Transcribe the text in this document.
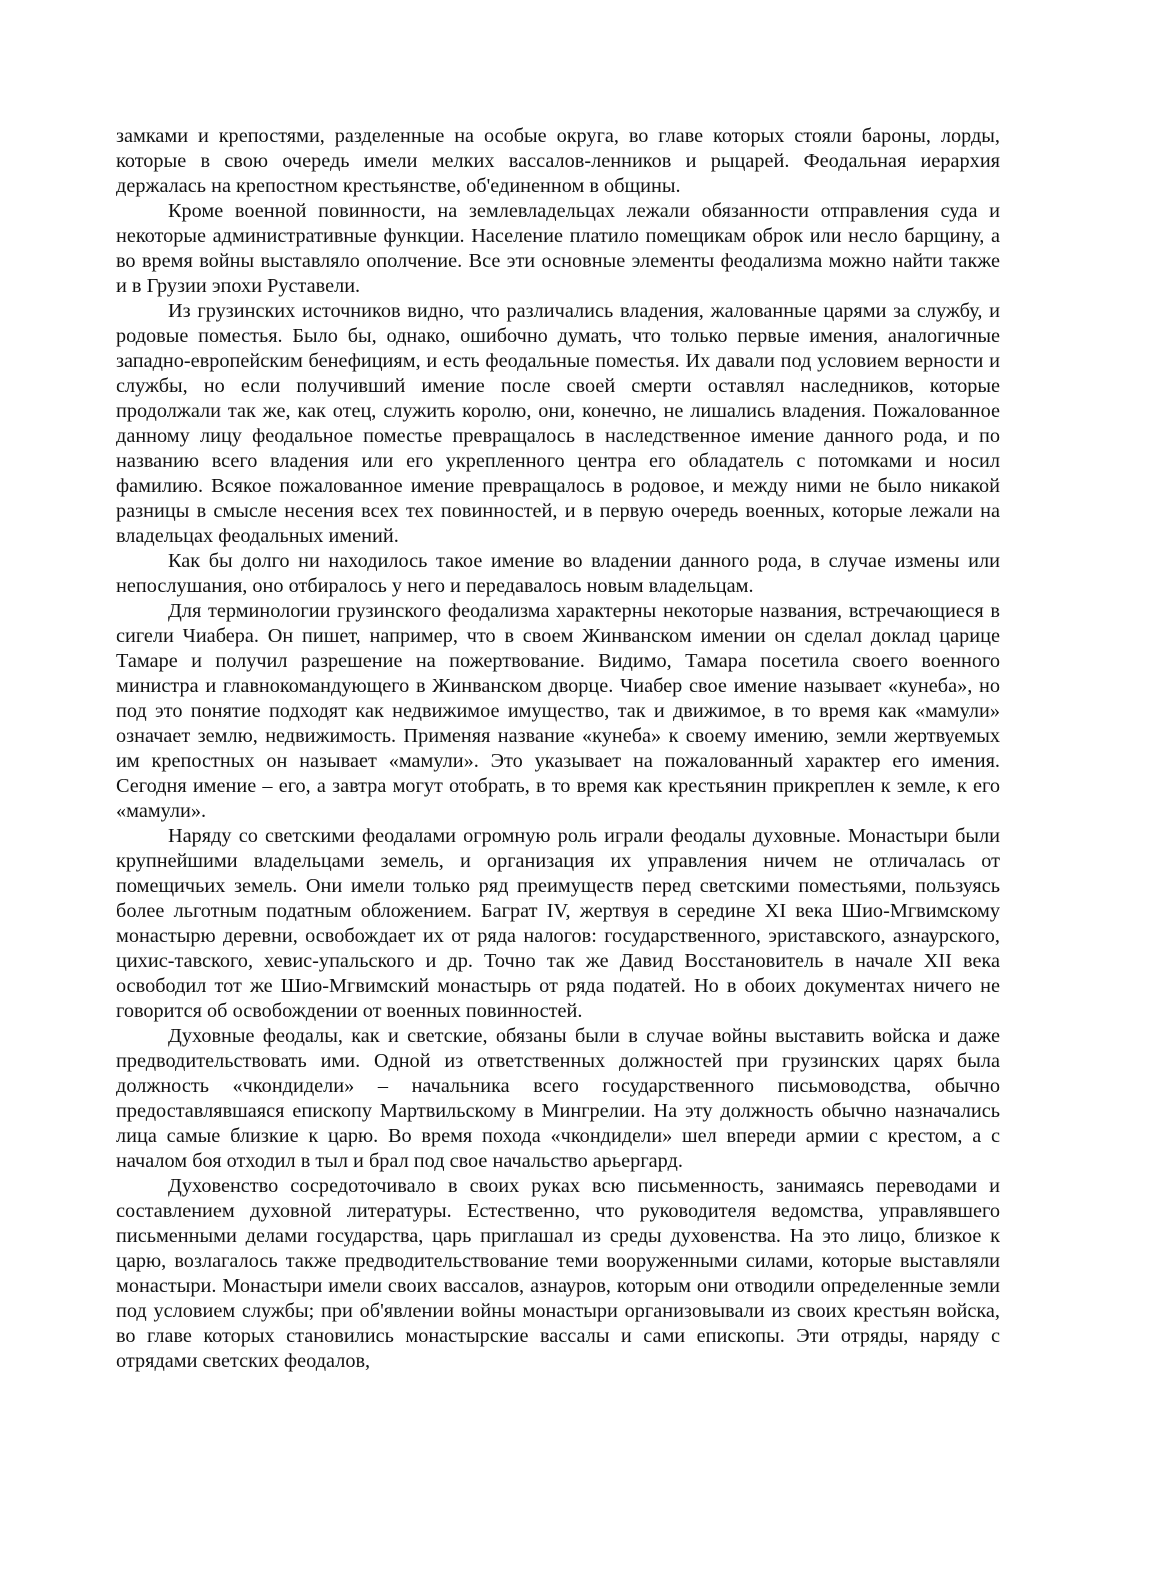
замками и крепостями, разделенные на особые округа, во главе которых стояли бароны, лорды, которые в свою очередь имели мелких вассалов-ленников и рыцарей. Феодальная иерархия держалась на крепостном крестьянстве, об'единенном в общины.

Кроме военной повинности, на землевладельцах лежали обязанности отправления суда и некоторые административные функции. Население платило помещикам оброк или несло барщину, а во время войны выставляло ополчение. Все эти основные элементы феодализма можно найти также и в Грузии эпохи Руставели.

Из грузинских источников видно, что различались владения, жалованные царями за службу, и родовые поместья. Было бы, однако, ошибочно думать, что только первые имения, аналогичные западно-европейским бенефициям, и есть феодальные поместья. Их давали под условием верности и службы, но если получивший имение после своей смерти оставлял наследников, которые продолжали так же, как отец, служить королю, они, конечно, не лишались владения. Пожалованное данному лицу феодальное поместье превращалось в наследственное имение данного рода, и по названию всего владения или его укрепленного центра его обладатель с потомками и носил фамилию. Всякое пожалованное имение превращалось в родовое, и между ними не было никакой разницы в смысле несения всех тех повинностей, и в первую очередь военных, которые лежали на владельцах феодальных имений.

Как бы долго ни находилось такое имение во владении данного рода, в случае измены или непослушания, оно отбиралось у него и передавалось новым владельцам.

Для терминологии грузинского феодализма характерны некоторые названия, встречающиеся в сигели Чиабера. Он пишет, например, что в своем Жинванском имении он сделал доклад царице Тамаре и получил разрешение на пожертвование. Видимо, Тамара посетила своего военного министра и главнокомандующего в Жинванском дворце. Чиабер свое имение называет «кунеба», но под это понятие подходят как недвижимое имущество, так и движимое, в то время как «мамули» означает землю, недвижимость. Применяя название «кунеба» к своему имению, земли жертвуемых им крепостных он называет «мамули». Это указывает на пожалованный характер его имения. Сегодня имение – его, а завтра могут отобрать, в то время как крестьянин прикреплен к земле, к его «мамули».

Наряду со светскими феодалами огромную роль играли феодалы духовные. Монастыри были крупнейшими владельцами земель, и организация их управления ничем не отличалась от помещичьих земель. Они имели только ряд преимуществ перед светскими поместьями, пользуясь более льготным податным обложением. Баграт IV, жертвуя в середине XI века Шио-Мгвимскому монастырю деревни, освобождает их от ряда налогов: государственного, эриставского, азнаурского, цихис-тавского, хевис-упальского и др. Точно так же Давид Восстановитель в начале XII века освободил тот же Шио-Мгвимский монастырь от ряда податей. Но в обоих документах ничего не говорится об освобождении от военных повинностей.

Духовные феодалы, как и светские, обязаны были в случае войны выставить войска и даже предводительствовать ими. Одной из ответственных должностей при грузинских царях была должность «чкондидели» – начальника всего государственного письмоводства, обычно предоставлявшаяся епископу Мартвильскому в Мингрелии. На эту должность обычно назначались лица самые близкие к царю. Во время похода «чкондидели» шел впереди армии с крестом, а с началом боя отходил в тыл и брал под свое начальство арьергард.

Духовенство сосредоточивало в своих руках всю письменность, занимаясь переводами и составлением духовной литературы. Естественно, что руководителя ведомства, управлявшего письменными делами государства, царь приглашал из среды духовенства. На это лицо, близкое к царю, возлагалось также предводительствование теми вооруженными силами, которые выставляли монастыри. Монастыри имели своих вассалов, азнауров, которым они отводили определенные земли под условием службы; при об'явлении войны монастыри организовывали из своих крестьян войска, во главе которых становились монастырские вассалы и сами епископы. Эти отряды, наряду с отрядами светских феодалов,
